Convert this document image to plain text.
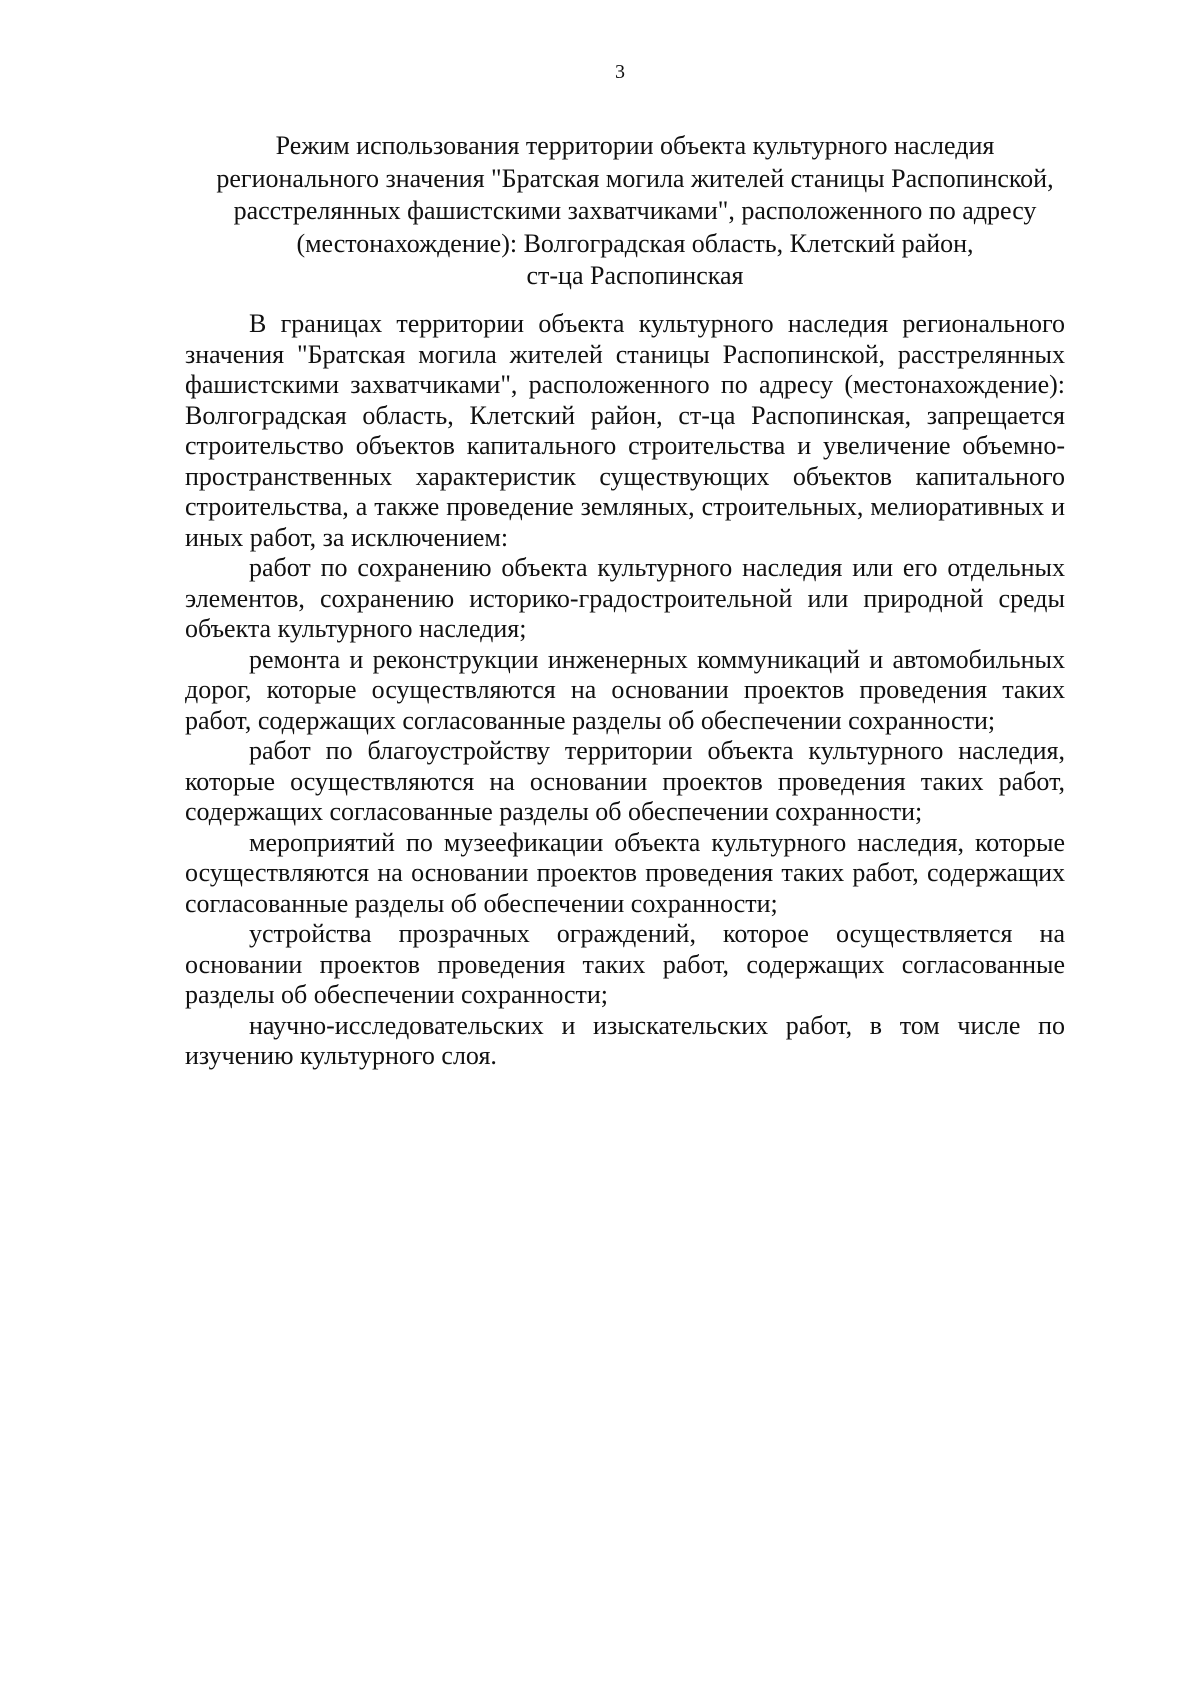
3
Режим использования территории объекта культурного наследия
регионального значения "Братская могила жителей станицы Распопинской,
расстрелянных фашистскими захватчиками", расположенного по адресу
(местонахождение): Волгоградская область, Клетский район,
ст-ца Распопинская

В границах территории объекта культурного наследия регионального значения "Братская могила жителей станицы Распопинской, расстрелянных фашистскими захватчиками", расположенного по адресу (местонахождение): Волгоградская область, Клетский район, ст-ца Распопинская, запрещается строительство объектов капитального строительства и увеличение объемно-пространственных характеристик существующих объектов капитального строительства, а также проведение земляных, строительных, мелиоративных и иных работ, за исключением:

работ по сохранению объекта культурного наследия или его отдельных элементов, сохранению историко-градостроительной или природной среды объекта культурного наследия;

ремонта и реконструкции инженерных коммуникаций и автомобильных дорог, которые осуществляются на основании проектов проведения таких работ, содержащих согласованные разделы об обеспечении сохранности;

работ по благоустройству территории объекта культурного наследия, которые осуществляются на основании проектов проведения таких работ, содержащих согласованные разделы об обеспечении сохранности;

мероприятий по музеефикации объекта культурного наследия, которые осуществляются на основании проектов проведения таких работ, содержащих согласованные разделы об обеспечении сохранности;

устройства прозрачных ограждений, которое осуществляется на основании проектов проведения таких работ, содержащих согласованные разделы об обеспечении сохранности;

научно-исследовательских и изыскательских работ, в том числе по изучению культурного слоя.
